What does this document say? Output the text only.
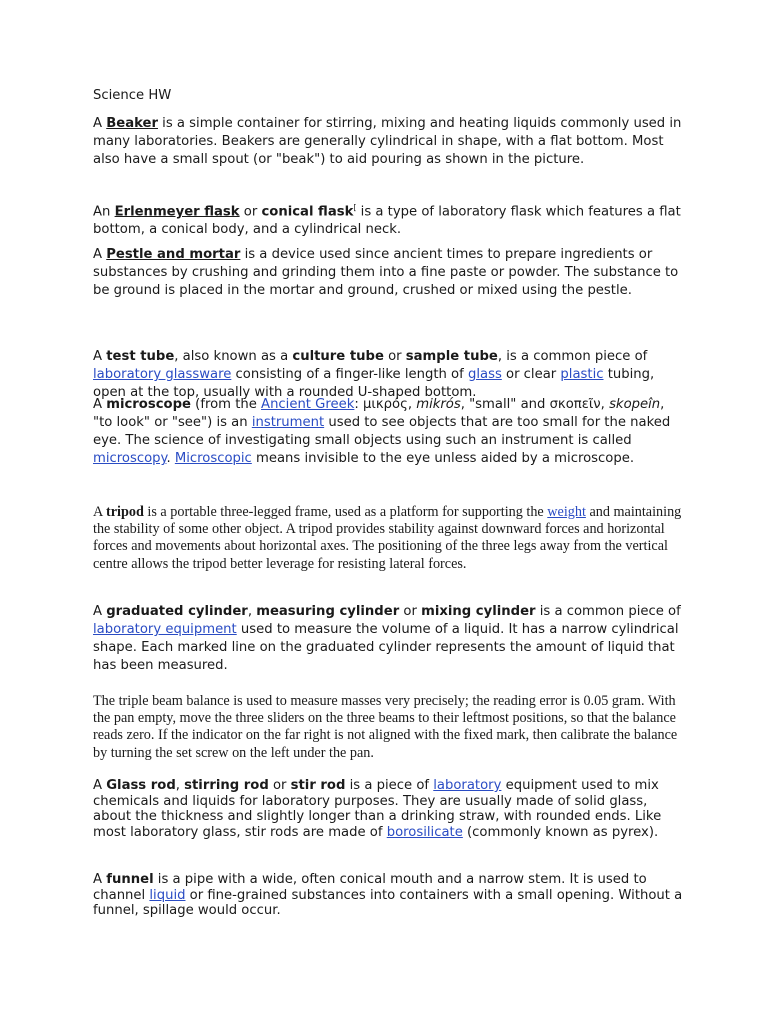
Science HW

A Beaker is a simple container for stirring, mixing and heating liquids commonly used in many laboratories. Beakers are generally cylindrical in shape, with a flat bottom. Most also have a small spout (or "beak") to aid pouring as shown in the picture.

An Erlenmeyer flask or conical flask[ is a type of laboratory flask which features a flat bottom, a conical body, and a cylindrical neck.

A Pestle and mortar is a device used since ancient times to prepare ingredients or substances by crushing and grinding them into a fine paste or powder. The substance to be ground is placed in the mortar and ground, crushed or mixed using the pestle.

A test tube, also known as a culture tube or sample tube, is a common piece of laboratory glassware consisting of a finger-like length of glass or clear plastic tubing, open at the top, usually with a rounded U-shaped bottom.

A microscope (from the Ancient Greek: μικρός, mikrós, "small" and σκοπεῖν, skopeîn, "to look" or "see") is an instrument used to see objects that are too small for the naked eye. The science of investigating small objects using such an instrument is called microscopy. Microscopic means invisible to the eye unless aided by a microscope.

A tripod is a portable three-legged frame, used as a platform for supporting the weight and maintaining the stability of some other object. A tripod provides stability against downward forces and horizontal forces and movements about horizontal axes. The positioning of the three legs away from the vertical centre allows the tripod better leverage for resisting lateral forces.

A graduated cylinder, measuring cylinder or mixing cylinder is a common piece of laboratory equipment used to measure the volume of a liquid. It has a narrow cylindrical shape. Each marked line on the graduated cylinder represents the amount of liquid that has been measured.

The triple beam balance is used to measure masses very precisely; the reading error is 0.05 gram. With the pan empty, move the three sliders on the three beams to their leftmost positions, so that the balance reads zero. If the indicator on the far right is not aligned with the fixed mark, then calibrate the balance by turning the set screw on the left under the pan.

A Glass rod, stirring rod or stir rod is a piece of laboratory equipment used to mix chemicals and liquids for laboratory purposes. They are usually made of solid glass, about the thickness and slightly longer than a drinking straw, with rounded ends. Like most laboratory glass, stir rods are made of borosilicate (commonly known as pyrex).

A funnel is a pipe with a wide, often conical mouth and a narrow stem. It is used to channel liquid or fine-grained substances into containers with a small opening. Without a funnel, spillage would occur.
